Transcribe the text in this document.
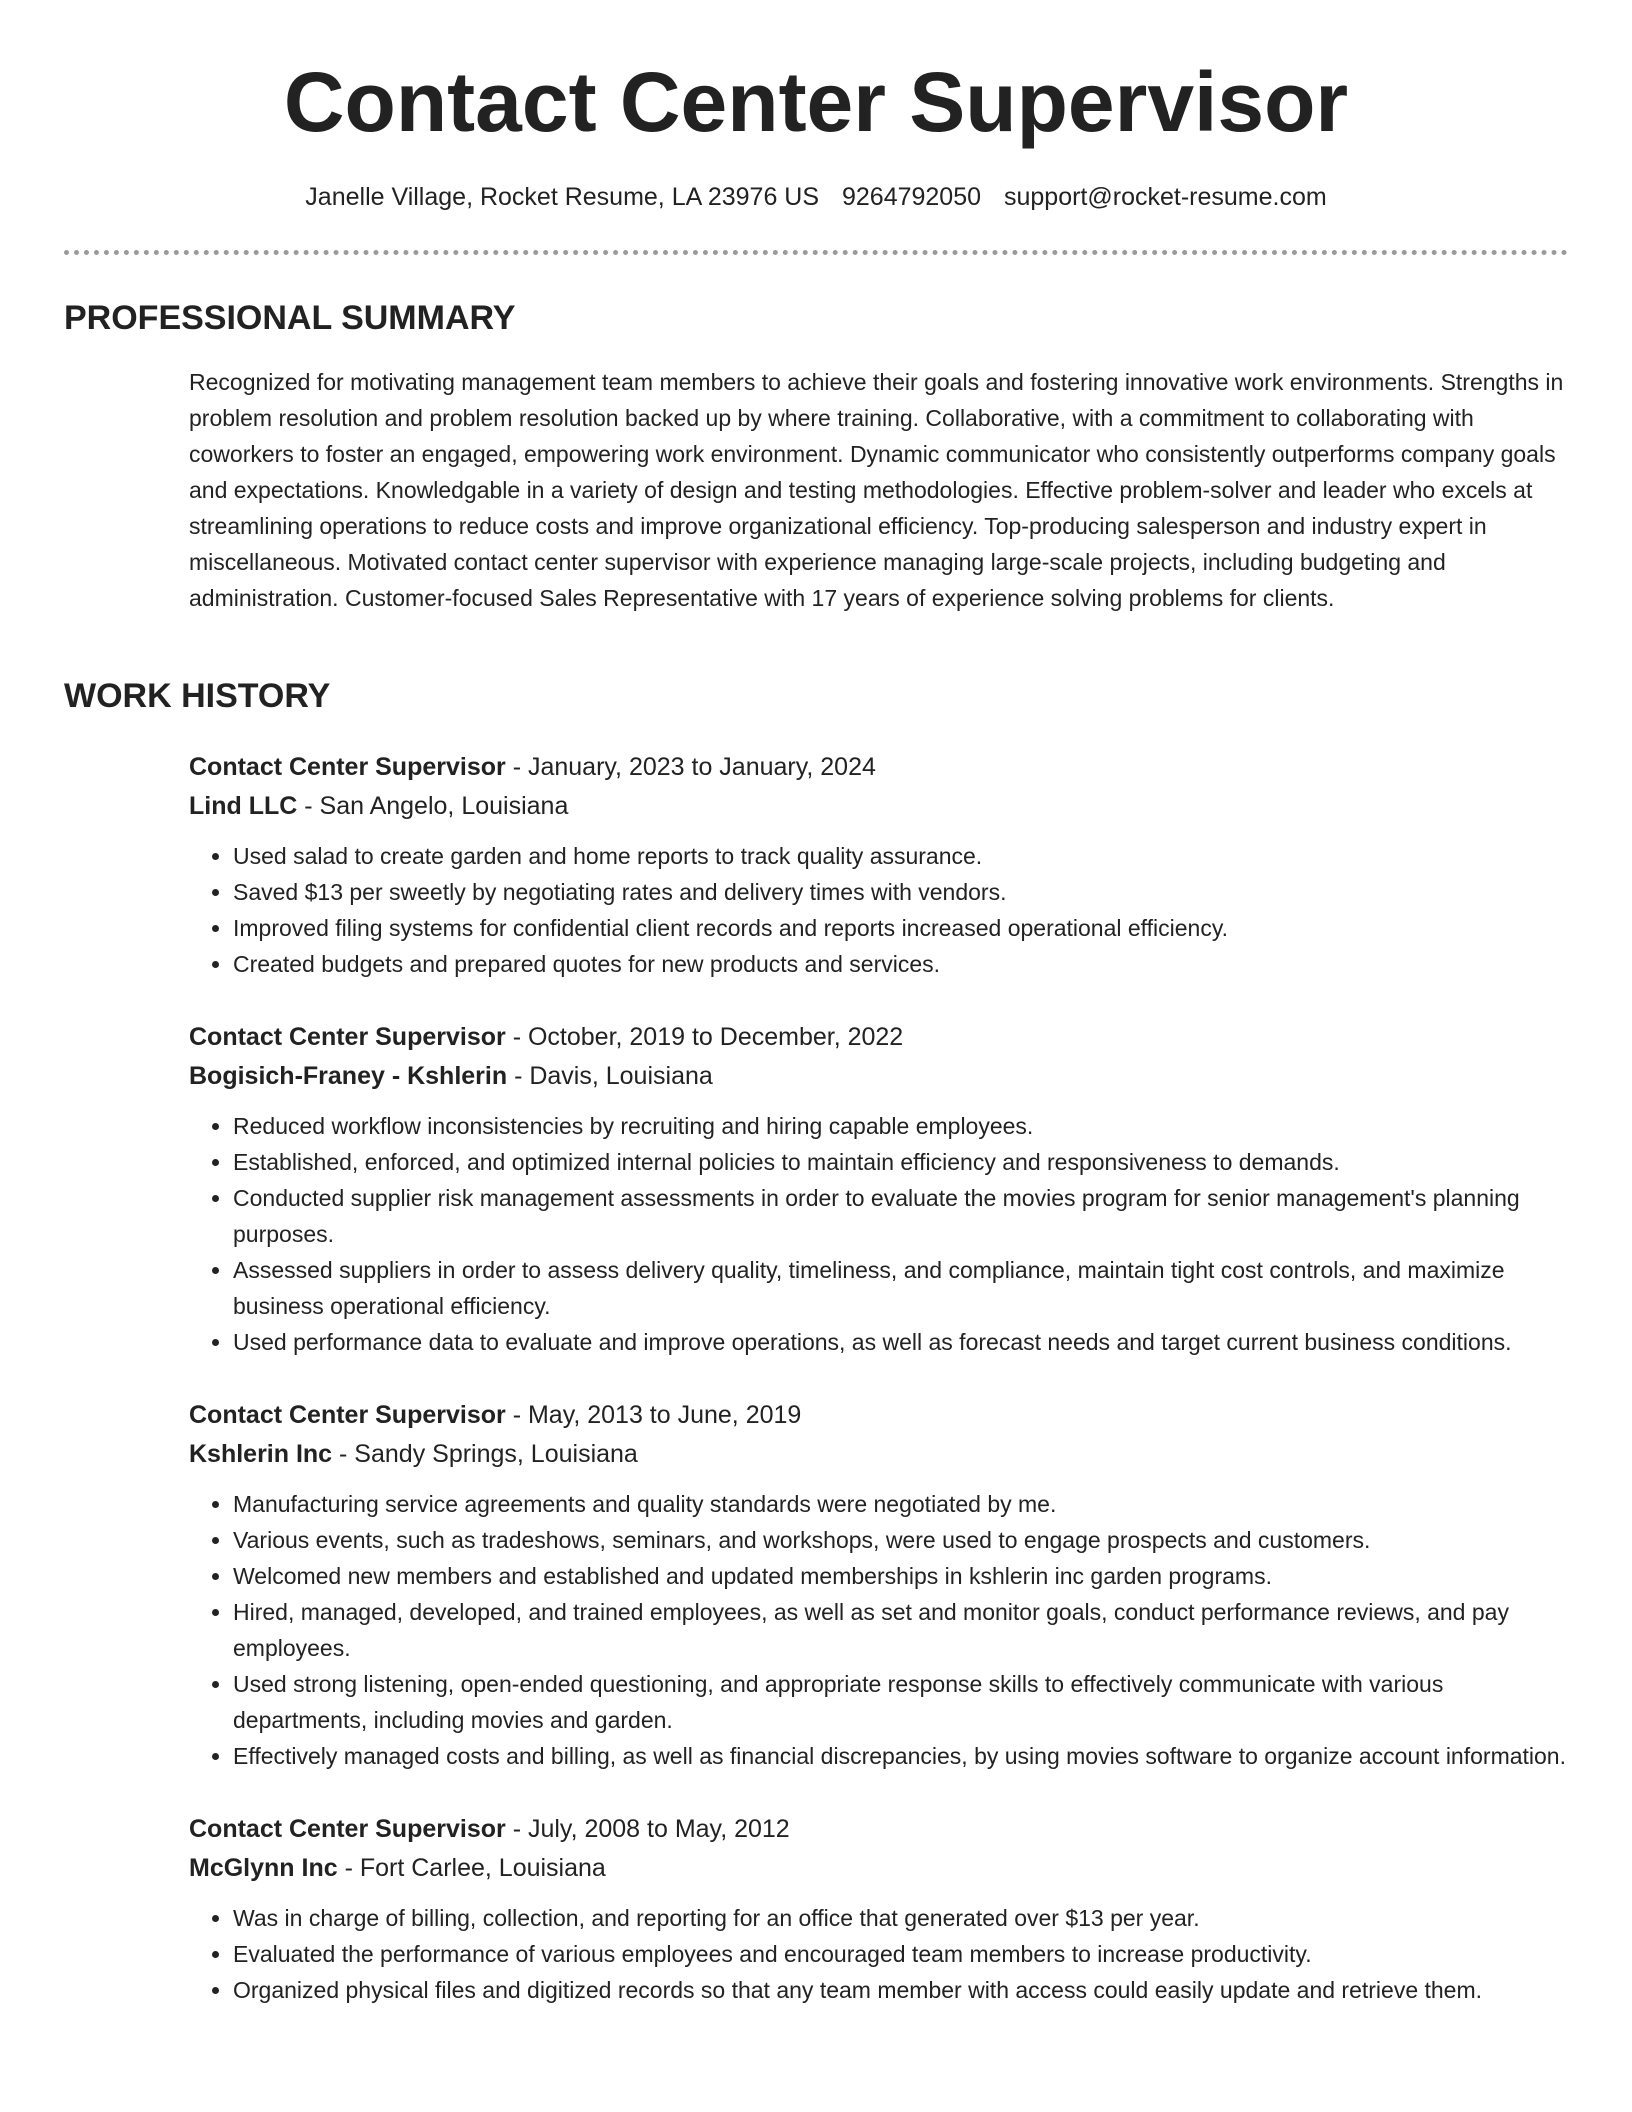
Contact Center Supervisor
Janelle Village, Rocket Resume, LA 23976 US 9264792050 support@rocket-resume.com
PROFESSIONAL SUMMARY

Recognized for motivating management team members to achieve their goals and fostering innovative work environments. Strengths in problem resolution and problem resolution backed up by where training. Collaborative, with a commitment to collaborating with coworkers to foster an engaged, empowering work environment. Dynamic communicator who consistently outperforms company goals and expectations. Knowledgable in a variety of design and testing methodologies. Effective problem-solver and leader who excels at streamlining operations to reduce costs and improve organizational efficiency. Top-producing salesperson and industry expert in miscellaneous. Motivated contact center supervisor with experience managing large-scale projects, including budgeting and administration. Customer-focused Sales Representative with 17 years of experience solving problems for clients.

WORK HISTORY
Contact Center Supervisor - January, 2023 to January, 2024
Lind LLC - San Angelo, Louisiana
• Used salad to create garden and home reports to track quality assurance.
• Saved $13 per sweetly by negotiating rates and delivery times with vendors.
• Improved filing systems for confidential client records and reports increased operational efficiency.
• Created budgets and prepared quotes for new products and services.
Contact Center Supervisor - October, 2019 to December, 2022
Bogisich-Franey - Kshlerin - Davis, Louisiana
• Reduced workflow inconsistencies by recruiting and hiring capable employees.
• Established, enforced, and optimized internal policies to maintain efficiency and responsiveness to demands.
• Conducted supplier risk management assessments in order to evaluate the movies program for senior management's planning purposes.
• Assessed suppliers in order to assess delivery quality, timeliness, and compliance, maintain tight cost controls, and maximize business operational efficiency.
• Used performance data to evaluate and improve operations, as well as forecast needs and target current business conditions.
Contact Center Supervisor - May, 2013 to June, 2019
Kshlerin Inc - Sandy Springs, Louisiana
• Manufacturing service agreements and quality standards were negotiated by me.
• Various events, such as tradeshows, seminars, and workshops, were used to engage prospects and customers.
• Welcomed new members and established and updated memberships in kshlerin inc garden programs.
• Hired, managed, developed, and trained employees, as well as set and monitor goals, conduct performance reviews, and pay employees.
• Used strong listening, open-ended questioning, and appropriate response skills to effectively communicate with various departments, including movies and garden.
• Effectively managed costs and billing, as well as financial discrepancies, by using movies software to organize account information.
Contact Center Supervisor - July, 2008 to May, 2012
McGlynn Inc - Fort Carlee, Louisiana
• Was in charge of billing, collection, and reporting for an office that generated over $13 per year.
• Evaluated the performance of various employees and encouraged team members to increase productivity.
• Organized physical files and digitized records so that any team member with access could easily update and retrieve them.
